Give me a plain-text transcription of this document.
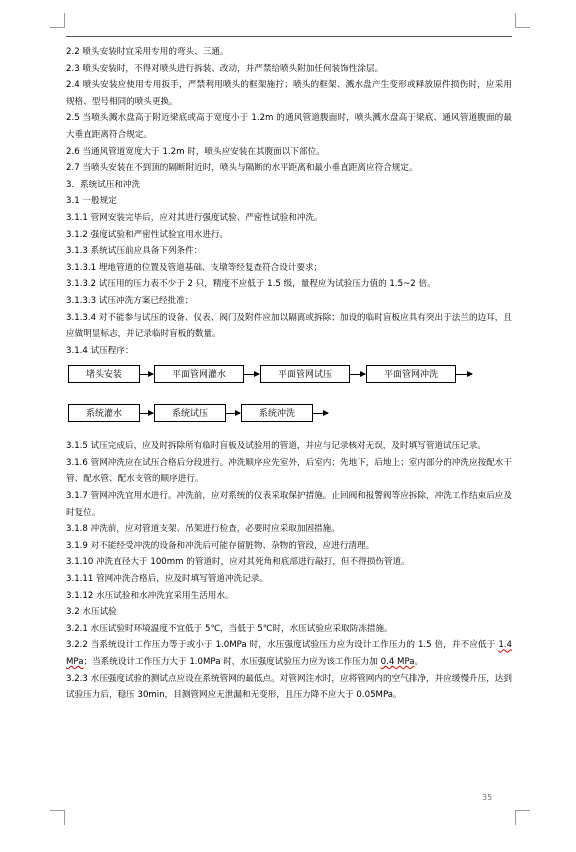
2.2 喷头安装时宜采用专用的弯头、三通。

2.3 喷头安装时，不得对喷头进行拆装、改动，并严禁给喷头附加任何装饰性涂层。

2.4 喷头安装应使用专用扳手，严禁利用喷头的框架施拧；喷头的框架、溅水盘产生变形或释放原件损伤时，应采用规格、型号相同的喷头更换。

2.5 当喷头溅水盘高于附近梁底或高于宽度小于 1.2m 的通风管道腹面时，喷头溅水盘高于梁底、通风管道腹面的最大垂直距离符合规定。

2.6 当通风管道宽度大于 1.2m 时，喷头应安装在其腹面以下部位。

2.7 当喷头安装在不到顶的隔断附近时，喷头与隔断的水平距离和最小垂直距离应符合规定。

3．系统试压和冲洗

3.1 一般规定

3.1.1 管网安装完毕后，应对其进行强度试验、严密性试验和冲洗。

3.1.2 强度试验和严密性试验宜用水进行。

3.1.3 系统试压前应具备下列条件：

3.1.3.1 埋地管道的位置及管道基础、支墩等经复查符合设计要求；

3.1.3.2 试压用的压力表不少于 2 只，精度不应低于 1.5 级，量程应为试验压力值的 1.5~2 倍。

3.1.3.3 试压冲洗方案已经批准；

3.1.3.4 对不能参与试压的设备、仪表、阀门及附件应加以隔离或拆除；加设的临时盲板应具有突出于法兰的边耳，且应做明显标志，并记录临时盲板的数量。

3.1.4 试压程序：

堵头安装	平面管网灌水	平面管网试压	平面管网冲洗
系统灌水	系统试压	系统冲洗

3.1.5 试压完成后，应及时拆除所有临时盲板及试验用的管道，并应与记录核对无误，及时填写管道试压记录。

3.1.6 管网冲洗应在试压合格后分段进行。冲洗顺序应先室外，后室内；先地下，后地上；室内部分的冲洗应按配水干管、配水管、配水支管的顺序进行。

3.1.7 管网冲洗宜用水进行。冲洗前，应对系统的仪表采取保护措施。止回阀和报警阀等应拆除，冲洗工作结束后应及时复位。

3.1.8 冲洗前，应对管道支架、吊架进行检查，必要时应采取加固措施。

3.1.9 对不能经受冲洗的设备和冲洗后可能存留脏物、杂物的管段，应进行清理。

3.1.10 冲洗直径大于 100mm 的管道时，应对其死角和底部进行敲打，但不得损伤管道。

3.1.11 管网冲洗合格后，应及时填写管道冲洗记录。

3.1.12 水压试验和水冲洗宜采用生活用水。

3.2 水压试验

3.2.1 水压试验时环境温度不宜低于 5℃，当低于 5℃时，水压试验应采取防冻措施。

3.2.2 当系统设计工作压力等于或小于 1.0MPa 时，水压强度试验压力应为设计工作压力的 1.5 倍，并不应低于 1.4 MPa；当系统设计工作压力大于 1.0MPa 时，水压强度试验压力应为该工作压力加 0.4 MPa。

3.2.3 水压强度试验的测试点应设在系统管网的最低点。对管网注水时，应将管网内的空气排净，并应缓慢升压，达到试验压力后，稳压 30min，目测管网应无泄漏和无变形，且压力降不应大于 0.05MPa。

35
